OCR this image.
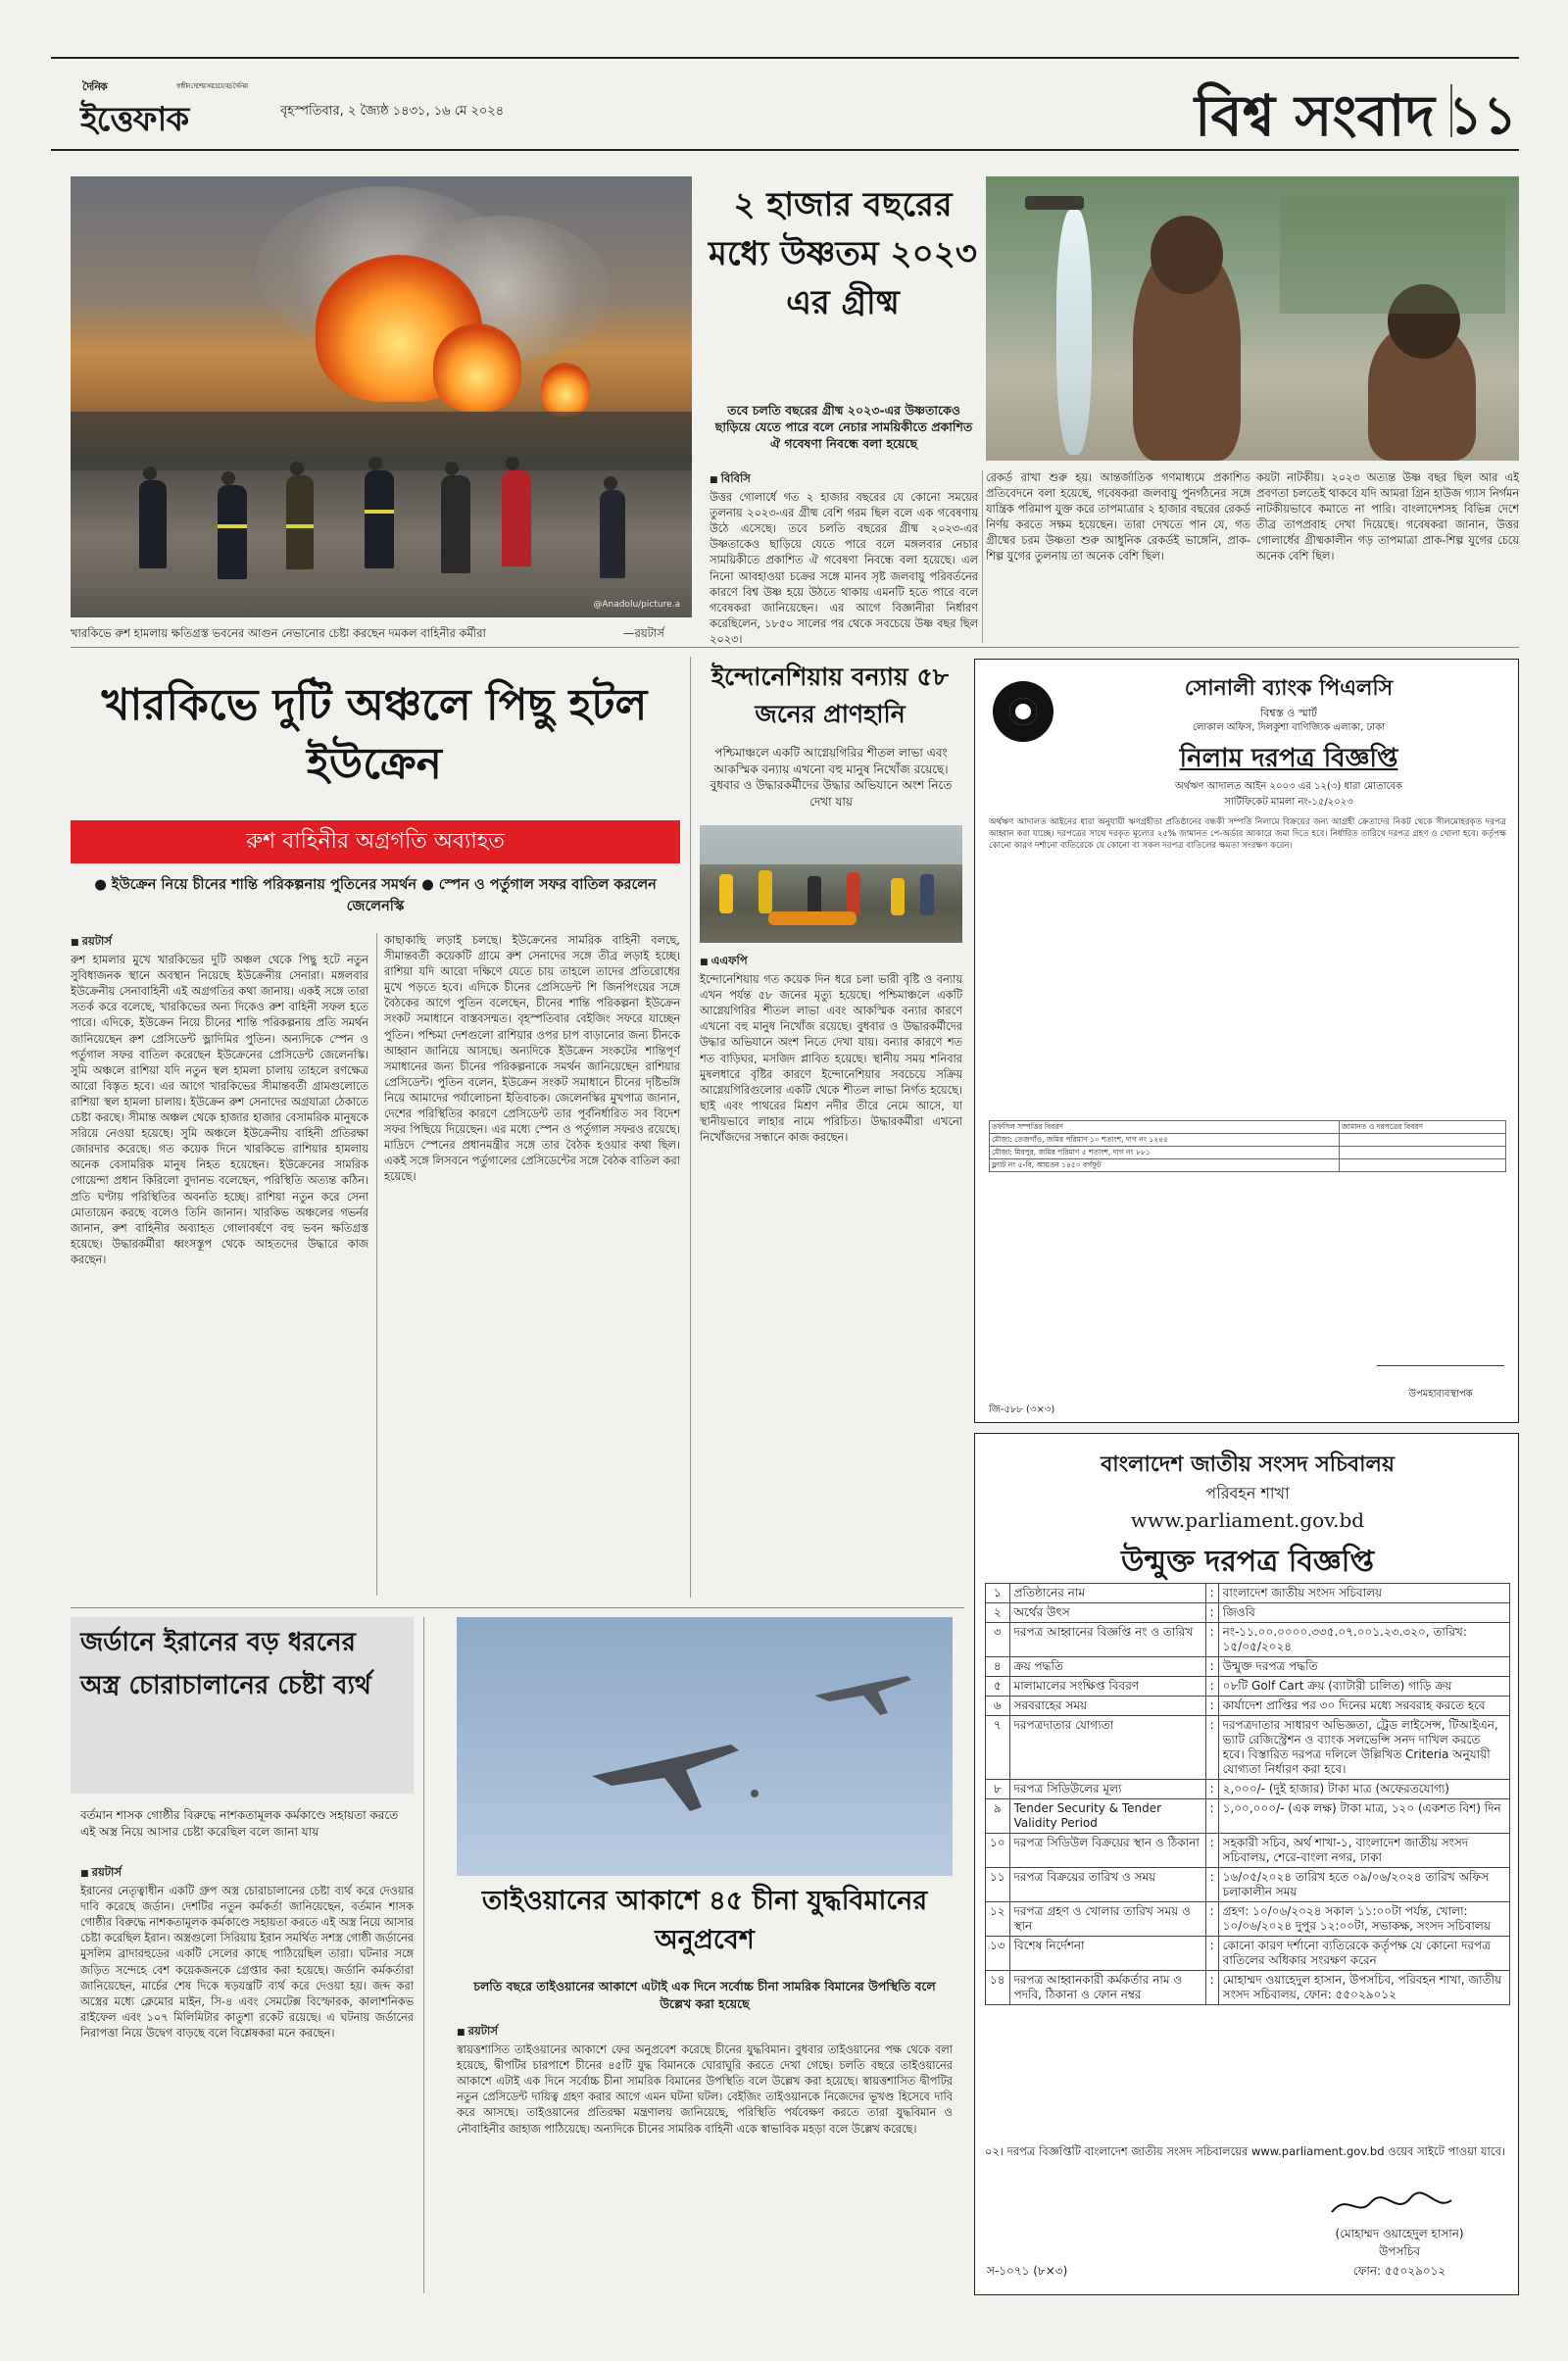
দৈনিক	স্বাধীন দেশের সবচেয়ে বড় দৈনিক
ইত্তেফাক	বৃহস্পতিবার, ২ জ্যৈষ্ঠ ১৪৩১, ১৬ মে ২০২৪	বিশ্ব সংবাদ ১১
@Anadolu/picture.a
খারকিভে রুশ হামলায় ক্ষতিগ্রস্ত ভবনের আগুন নেভানোর চেষ্টা করছেন দমকল বাহিনীর কর্মীরা	—রয়টার্স
২ হাজার বছরের মধ্যে উষ্ণতম ২০২৩ এর গ্রীষ্ম
তবে চলতি বছরের গ্রীষ্ম ২০২৩-এর উষ্ণতাকেও ছাড়িয়ে যেতে পারে বলে নেচার সাময়িকীতে প্রকাশিত ঐ গবেষণা নিবন্ধে বলা হয়েছে

■ বিবিসি

উত্তর গোলার্ধে গত ২ হাজার বছরের যে কোনো সময়ের তুলনায় ২০২৩-এর গ্রীষ্ম বেশি গরম ছিল বলে এক গবেষণায় উঠে এসেছে। তবে চলতি বছরের গ্রীষ্ম ২০২৩-এর উষ্ণতাকেও ছাড়িয়ে যেতে পারে বলে মঙ্গলবার নেচার সাময়িকীতে প্রকাশিত ঐ গবেষণা নিবন্ধে বলা হয়েছে। এল নিনো আবহাওয়া চক্রের সঙ্গে মানব সৃষ্ট জলবায়ু পরিবর্তনের কারণে বিশ্ব উষ্ণ হয়ে উঠতে থাকায় এমনটি হতে পারে বলে গবেষকরা জানিয়েছেন। এর আগে বিজ্ঞানীরা নির্ধারণ করেছিলেন, ১৮৫০ সালের পর থেকে সবচেয়ে উষ্ণ বছর ছিল ২০২৩।

রেকর্ড রাখা শুরু হয়। আন্তর্জাতিক গণমাধ্যমে প্রকাশিত প্রতিবেদনে বলা হয়েছে, গবেষকরা জলবায়ু পুনর্গঠনের সঙ্গে যান্ত্রিক পরিমাপ যুক্ত করে তাপমাত্রার ২ হাজার বছরের রেকর্ড নির্ণয় করতে সক্ষম হয়েছেন। তারা দেখতে পান যে, গত গ্রীষ্মের চরম উষ্ণতা শুরু আধুনিক রেকর্ডই ভাঙ্গেনি, প্রাক-শিল্প যুগের তুলনায় তা অনেক বেশি ছিল।

কয়টা নাটকীয়। ২০২৩ অত্যন্ত উষ্ণ বছর ছিল আর এই প্রবণতা চলতেই থাকবে যদি আমরা গ্রিন হাউজ গ্যাস নির্গমন নাটকীয়ভাবে কমাতে না পারি। বাংলাদেশসহ বিভিন্ন দেশে তীব্র তাপপ্রবাহ দেখা দিয়েছে। গবেষকরা জানান, উত্তর গোলার্ধের গ্রীষ্মকালীন গড় তাপমাত্রা প্রাক-শিল্প যুগের চেয়ে অনেক বেশি ছিল।

খারকিভে দুটি অঞ্চলে পিছু হটল ইউক্রেন
রুশ বাহিনীর অগ্রগতি অব্যাহত
● ইউক্রেন নিয়ে চীনের শান্তি পরিকল্পনায় পুতিনের সমর্থন ● স্পেন ও পর্তুগাল সফর বাতিল করলেন জেলেনস্কি

■ রয়টার্স

রুশ হামলার মুখে খারকিভের দুটি অঞ্চল থেকে পিছু হটে নতুন সুবিধাজনক স্থানে অবস্থান নিয়েছে ইউক্রেনীয় সেনারা। মঙ্গলবার ইউক্রেনীয় সেনাবাহিনী এই অগ্রগতির কথা জানায়। একই সঙ্গে তারা সতর্ক করে বলেছে, খারকিভের অন্য দিকেও রুশ বাহিনী সফল হতে পারে। এদিকে, ইউক্রেন নিয়ে চীনের শান্তি পরিকল্পনায় প্রতি সমর্থন জানিয়েছেন রুশ প্রেসিডেন্ট ভ্লাদিমির পুতিন। অন্যদিকে স্পেন ও পর্তুগাল সফর বাতিল করেছেন ইউক্রেনের প্রেসিডেন্ট জেলেনস্কি। সুমি অঞ্চলে রাশিয়া যদি নতুন স্থল হামলা চালায় তাহলে রণক্ষেত্র আরো বিস্তৃত হবে। এর আগে খারকিভের সীমান্তবর্তী গ্রামগুলোতে রাশিয়া স্থল হামলা চালায়। ইউক্রেন রুশ সেনাদের অগ্রযাত্রা ঠেকাতে চেষ্টা করছে। সীমান্ত অঞ্চল থেকে হাজার হাজার বেসামরিক মানুষকে সরিয়ে নেওয়া হয়েছে। সুমি অঞ্চলে ইউক্রেনীয় বাহিনী প্রতিরক্ষা জোরদার করেছে। গত কয়েক দিনে খারকিভে রাশিয়ার হামলায় অনেক বেসামরিক মানুষ নিহত হয়েছেন। ইউক্রেনের সামরিক গোয়েন্দা প্রধান কিরিলো বুদানভ বলেছেন, পরিস্থিতি অত্যন্ত কঠিন। প্রতি ঘণ্টায় পরিস্থিতির অবনতি হচ্ছে। রাশিয়া নতুন করে সেনা মোতায়েন করছে বলেও তিনি জানান। খারকিভ অঞ্চলের গভর্নর জানান, রুশ বাহিনীর অব্যাহত গোলাবর্ষণে বহু ভবন ক্ষতিগ্রস্ত হয়েছে। উদ্ধারকর্মীরা ধ্বংসস্তূপ থেকে আহতদের উদ্ধারে কাজ করছেন।

কাছাকাছি লড়াই চলছে। ইউক্রেনের সামরিক বাহিনী বলছে, সীমান্তবর্তী কয়েকটি গ্রামে রুশ সেনাদের সঙ্গে তীব্র লড়াই হচ্ছে। রাশিয়া যদি আরো দক্ষিণে যেতে চায় তাহলে তাদের প্রতিরোধের মুখে পড়তে হবে। এদিকে চীনের প্রেসিডেন্ট শি জিনপিংয়ের সঙ্গে বৈঠকের আগে পুতিন বলেছেন, চীনের শান্তি পরিকল্পনা ইউক্রেন সংকট সমাধানে বাস্তবসম্মত। বৃহস্পতিবার বেইজিং সফরে যাচ্ছেন পুতিন। পশ্চিমা দেশগুলো রাশিয়ার ওপর চাপ বাড়ানোর জন্য চীনকে আহ্বান জানিয়ে আসছে। অন্যদিকে ইউক্রেন সংকটের শান্তিপূর্ণ সমাধানের জন্য চীনের পরিকল্পনাকে সমর্থন জানিয়েছেন রাশিয়ার প্রেসিডেন্ট। পুতিন বলেন, ইউক্রেন সংকট সমাধানে চীনের দৃষ্টিভঙ্গি নিয়ে আমাদের পর্যালোচনা ইতিবাচক। জেলেনস্কির মুখপাত্র জানান, দেশের পরিস্থিতির কারণে প্রেসিডেন্ট তার পূর্বনির্ধারিত সব বিদেশ সফর পিছিয়ে দিয়েছেন। এর মধ্যে স্পেন ও পর্তুগাল সফরও রয়েছে। মাদ্রিদে স্পেনের প্রধানমন্ত্রীর সঙ্গে তার বৈঠক হওয়ার কথা ছিল। একই সঙ্গে লিসবনে পর্তুগালের প্রেসিডেন্টের সঙ্গে বৈঠক বাতিল করা হয়েছে।

ইন্দোনেশিয়ায় বন্যায় ৫৮ জনের প্রাণহানি
পশ্চিমাঞ্চলে একটি আগ্নেয়গিরির শীতল লাভা এবং আকস্মিক বন্যায় এখনো বহু মানুষ নিখোঁজ রয়েছে। বুধবার ও উদ্ধারকর্মীদের উদ্ধার অভিযানে অংশ নিতে দেখা যায়

■ এএফপি

ইন্দোনেশিয়ায় গত কয়েক দিন ধরে চলা ভারী বৃষ্টি ও বন্যায় এখন পর্যন্ত ৫৮ জনের মৃত্যু হয়েছে। পশ্চিমাঞ্চলে একটি আগ্নেয়গিরির শীতল লাভা এবং আকস্মিক বন্যার কারণে এখনো বহু মানুষ নিখোঁজ রয়েছে। বুধবার ও উদ্ধারকর্মীদের উদ্ধার অভিযানে অংশ নিতে দেখা যায়। বন্যার কারণে শত শত বাড়িঘর, মসজিদ প্লাবিত হয়েছে। স্থানীয় সময় শনিবার মুষলধারে বৃষ্টির কারণে ইন্দোনেশিয়ার সবচেয়ে সক্রিয় আগ্নেয়গিরিগুলোর একটি থেকে শীতল লাভা নির্গত হয়েছে। ছাই এবং পাথরের মিশ্রণ নদীর তীরে নেমে আসে, যা স্থানীয়ভাবে লাহার নামে পরিচিত। উদ্ধারকর্মীরা এখনো নিখোঁজদের সন্ধানে কাজ করছেন।

সোনালী ব্যাংক পিএলসি
বিশ্বস্ত ও স্মার্ট
লোকাল অফিস, দিলকুশা বাণিজ্যিক এলাকা, ঢাকা
নিলাম দরপত্র বিজ্ঞপ্তি
অর্থঋণ আদালত আইন ২০০৩ এর ১২(৩) ধারা মোতাবেক
সার্টিফিকেট মামলা নং-১৫/২০২৩

অর্থঋণ আদালত আইনের ধারা অনুযায়ী ঋণগ্রহীতা প্রতিষ্ঠানের বন্ধকী সম্পত্তি নিলামে বিক্রয়ের জন্য আগ্রহী ক্রেতাদের নিকট থেকে সীলমোহরকৃত দরপত্র আহ্বান করা যাচ্ছে। দরপত্রের সাথে দরকৃত মূল্যের ২৫% জামানত পে-অর্ডার আকারে জমা দিতে হবে। নির্ধারিত তারিখে দরপত্র গ্রহণ ও খোলা হবে। কর্তৃপক্ষ কোনো কারণ দর্শানো ব্যতিরেকে যে কোনো বা সকল দরপত্র বাতিলের ক্ষমতা সংরক্ষণ করেন।

তফসিল সম্পত্তির বিবরণ	জামানত ও দরপত্রের বিবরণ
মৌজা: তেজগাঁও, জমির পরিমাণ ১০ শতাংশ, দাগ নং ১২৪৫	
মৌজা: মিরপুর, জমির পরিমাণ ৫ শতাংশ, দাগ নং ৮৮১	
ফ্ল্যাট নং ৫-বি, আয়তন ১৪৫০ বর্গফুট	
উপমহাব্যবস্থাপক
জি-৫৮৮ (৩×৩)
জর্ডানে ইরানের বড় ধরনের অস্ত্র চোরাচালানের চেষ্টা ব্যর্থ
বর্তমান শাসক গোষ্ঠীর বিরুদ্ধে নাশকতামূলক কর্মকাণ্ডে সহায়তা করতে এই অস্ত্র নিয়ে আসার চেষ্টা করেছিল বলে জানা যায়

■ রয়টার্স

ইরানের নেতৃত্বাধীন একটি গ্রুপ অস্ত্র চোরাচালানের চেষ্টা ব্যর্থ করে দেওয়ার দাবি করেছে জর্ডান। দেশটির নতুন কর্মকর্তা জানিয়েছেন, বর্তমান শাসক গোষ্ঠীর বিরুদ্ধে নাশকতামূলক কর্মকাণ্ডে সহায়তা করতে এই অস্ত্র নিয়ে আসার চেষ্টা করেছিল ইরান। অস্ত্রগুলো সিরিয়ায় ইরান সমর্থিত সশস্ত্র গোষ্ঠী জর্ডানের মুসলিম ব্রাদারহুডের একটি সেলের কাছে পাঠিয়েছিল তারা। ঘটনার সঙ্গে জড়িত সন্দেহে বেশ কয়েকজনকে গ্রেপ্তার করা হয়েছে। জর্ডানি কর্মকর্তারা জানিয়েছেন, মার্চের শেষ দিকে ষড়যন্ত্রটি ব্যর্থ করে দেওয়া হয়। জব্দ করা অস্ত্রের মধ্যে ক্লেমোর মাইন, সি-৪ এবং সেমটেক্স বিস্ফোরক, কালাশনিকভ রাইফেল এবং ১০৭ মিলিমিটার কাতুশা রকেট রয়েছে। এ ঘটনায় জর্ডানের নিরাপত্তা নিয়ে উদ্বেগ বাড়ছে বলে বিশ্লেষকরা মনে করছেন।

তাইওয়ানের আকাশে ৪৫ চীনা যুদ্ধবিমানের অনুপ্রবেশ
চলতি বছরে তাইওয়ানের আকাশে এটাই এক দিনে সর্বোচ্চ চীনা সামরিক বিমানের উপস্থিতি বলে উল্লেখ করা হয়েছে

■ রয়টার্স

স্বায়ত্তশাসিত তাইওয়ানের আকাশে ফের অনুপ্রবেশ করেছে চীনের যুদ্ধবিমান। বুধবার তাইওয়ানের পক্ষ থেকে বলা হয়েছে, দ্বীপটির চারপাশে চীনের ৪৫টি যুদ্ধ বিমানকে ঘোরাঘুরি করতে দেখা গেছে। চলতি বছরে তাইওয়ানের আকাশে এটাই এক দিনে সর্বোচ্চ চীনা সামরিক বিমানের উপস্থিতি বলে উল্লেখ করা হয়েছে। স্বায়ত্তশাসিত দ্বীপটির নতুন প্রেসিডেন্ট দায়িত্ব গ্রহণ করার আগে এমন ঘটনা ঘটল। বেইজিং তাইওয়ানকে নিজেদের ভূখণ্ড হিসেবে দাবি করে আসছে। তাইওয়ানের প্রতিরক্ষা মন্ত্রণালয় জানিয়েছে, পরিস্থিতি পর্যবেক্ষণ করতে তারা যুদ্ধবিমান ও নৌবাহিনীর জাহাজ পাঠিয়েছে। অন্যদিকে চীনের সামরিক বাহিনী একে স্বাভাবিক মহড়া বলে উল্লেখ করেছে।

বাংলাদেশ জাতীয় সংসদ সচিবালয়
পরিবহন শাখা
www.parliament.gov.bd
উন্মুক্ত দরপত্র বিজ্ঞপ্তি
১	প্রতিষ্ঠানের নাম	:	বাংলাদেশ জাতীয় সংসদ সচিবালয়
২	অর্থের উৎস	:	জিওবি
৩	দরপত্র আহ্বানের বিজ্ঞপ্তি নং ও তারিখ	:	নং-১১.০০.০০০০.৩৩৫.০৭.০০১.২৩.৩২০, তারিখ: ১৫/০৫/২০২৪
৪	ক্রয় পদ্ধতি	:	উন্মুক্ত দরপত্র পদ্ধতি
৫	মালামালের সংক্ষিপ্ত বিবরণ	:	০৮টি Golf Cart ক্রয় (ব্যাটারী চালিত) গাড়ি ক্রয়
৬	সরবরাহের সময়	:	কার্যাদেশ প্রাপ্তির পর ৩০ দিনের মধ্যে সরবরাহ করতে হবে
৭	দরপত্রদাতার যোগ্যতা	:	দরপত্রদাতার সাধারণ অভিজ্ঞতা, ট্রেড লাইসেন্স, টিআইএন, ভ্যাট রেজিস্ট্রেশন ও ব্যাংক সলভেন্সি সনদ দাখিল করতে হবে। বিস্তারিত দরপত্র দলিলে উল্লিখিত Criteria অনুযায়ী যোগ্যতা নির্ধারণ করা হবে।
৮	দরপত্র সিডিউলের মূল্য	:	২,০০০/- (দুই হাজার) টাকা মাত্র (অফেরতযোগ্য)
৯	Tender Security & Tender Validity Period	:	১,০০,০০০/- (এক লক্ষ) টাকা মাত্র, ১২০ (একশত বিশ) দিন
১০	দরপত্র সিডিউল বিক্রয়ের স্থান ও ঠিকানা	:	সহকারী সচিব, অর্থ শাখা-১, বাংলাদেশ জাতীয় সংসদ সচিবালয়, শেরে-বাংলা নগর, ঢাকা
১১	দরপত্র বিক্রয়ের তারিখ ও সময়	:	১৬/০৫/২০২৪ তারিখ হতে ০৯/০৬/২০২৪ তারিখ অফিস চলাকালীন সময়
১২	দরপত্র গ্রহণ ও খোলার তারিখ সময় ও স্থান	:	গ্রহণ: ১০/০৬/২০২৪ সকাল ১১:০০টা পর্যন্ত, খোলা: ১০/০৬/২০২৪ দুপুর ১২:০০টা, সভাকক্ষ, সংসদ সচিবালয়
১৩	বিশেষ নির্দেশনা	:	কোনো কারণ দর্শানো ব্যতিরেকে কর্তৃপক্ষ যে কোনো দরপত্র বাতিলের অধিকার সংরক্ষণ করেন
১৪	দরপত্র আহ্বানকারী কর্মকর্তার নাম ও পদবি, ঠিকানা ও ফোন নম্বর	:	মোহাম্মদ ওয়াহেদুল হাসান, উপসচিব, পরিবহন শাখা, জাতীয় সংসদ সচিবালয়, ফোন: ৫৫০২৯০১২
০২। দরপত্র বিজ্ঞপ্তিটি বাংলাদেশ জাতীয় সংসদ সচিবালয়ের www.parliament.gov.bd ওয়েব সাইটে পাওয়া যাবে।
(মোহাম্মদ ওয়াহেদুল হাসান)
উপসচিব
ফোন: ৫৫০২৯০১২
স-১০৭১ (৮×৩)
